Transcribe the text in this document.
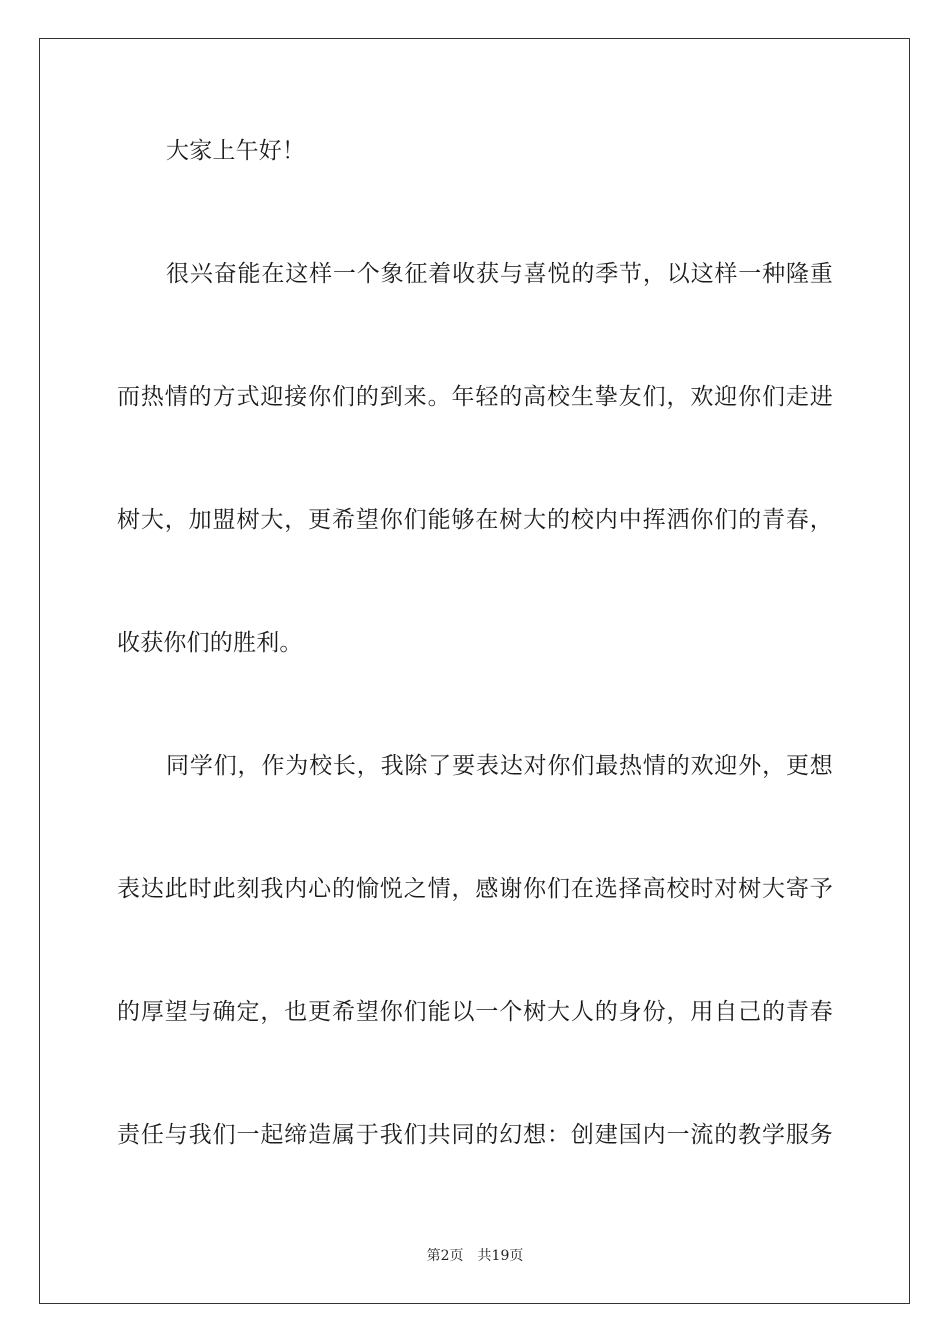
大家上午好！
很兴奋能在这样一个象征着收获与喜悦的季节，以这样一种隆重
而热情的方式迎接你们的到来。年轻的高校生挚友们，欢迎你们走进
树大，加盟树大，更希望你们能够在树大的校内中挥洒你们的青春，
收获你们的胜利。
同学们，作为校长，我除了要表达对你们最热情的欢迎外，更想
表达此时此刻我内心的愉悦之情，感谢你们在选择高校时对树大寄予
的厚望与确定，也更希望你们能以一个树大人的身份，用自己的青春
责任与我们一起缔造属于我们共同的幻想：创建国内一流的教学服务
第2页 共19页
